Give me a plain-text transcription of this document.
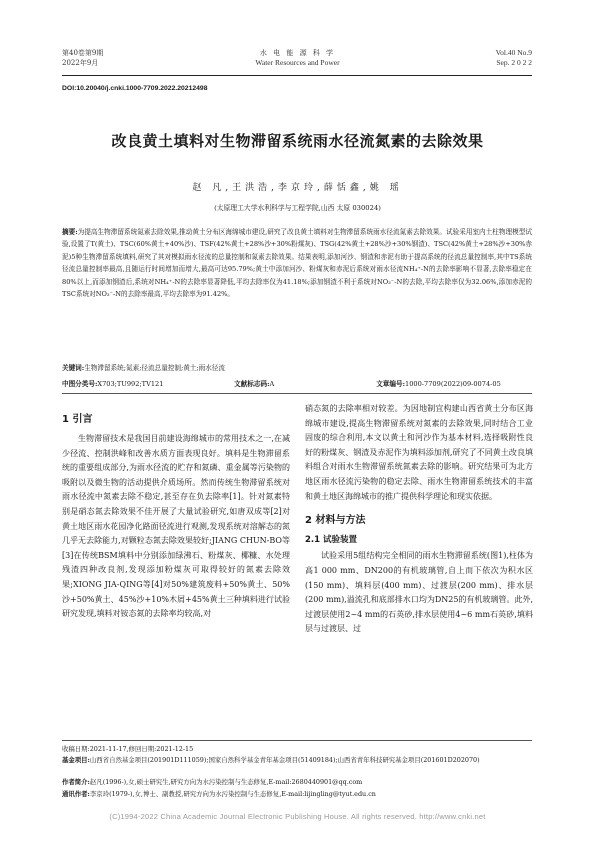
第40卷第9期
2022年9月
水 电 能 源 科 学
Water Resources and Power
Vol.40 No.9
Sep. 2 0 2 2
DOI:10.20040/j.cnki.1000-7709.2022.20212498
改良黄土填料对生物滞留系统雨水径流氮素的去除效果
赵 凡,王洪浩,李京玲,薛恬鑫,姚 瑶
(太原理工大学水利科学与工程学院,山西 太原 030024)
摘要:为提高生物滞留系统氮素去除效果,推动黄土分布区海绵城市建设,研究了改良黄土填料对生物滞留系统雨水径流氮素去除效果。试验采用室内土柱物理模型试验,设置了T(黄土)、TSC(60%黄土+40%沙)、TSF(42%黄土+28%沙+30%粉煤灰)、TSG(42%黄土+28%沙+30%钢渣)、TSC(42%黄土+28%沙+30%赤泥)5种生物滞留系统填料,研究了其对模拟雨水径流的总量控制和氮素去除效果。结果表明,添加河沙、钢渣和赤泥有助于提高系统的径流总量控制率,其中TS系统径流总量控制率最高,且随运行时间增加而增大,最高可达95.79%;黄土中添加河沙、粉煤灰和赤泥后系统对雨水径流NH₄⁺-N的去除率影响不显著,去除率稳定在80%以上,而添加钢渣后,系统对NH₄⁺-N的去除率显著降低,平均去除率仅为41.18%;添加钢渣不利于系统对NO₃⁻-N的去除,平均去除率仅为32.06%,添加赤泥的TSC系统对NO₃⁻-N的去除率最高,平均去除率为91.42%。
关键词:生物滞留系统;氮素;径流总量控制;黄土;雨水径流
中图分类号:X703;TU992;TV121	文献标志码:A	文章编号:1000-7709(2022)09-0074-05
1 引言

生物滞留技术是我国目前建设海绵城市的常用技术之一,在减少径流、控制洪峰和改善水质方面表现良好。填料是生物滞留系统的重要组成部分,为雨水径流的贮存和氮磷、重金属等污染物的吸附以及微生物的活动提供介质场所。然而传统生物滞留系统对雨水径流中氮素去除不稳定,甚至存在负去除率[1]。针对氮素特别是硝态氮去除效果不佳开展了大量试验研究,如唐双成等[2]对黄土地区雨水花园净化路面径流进行观测,发现系统对溶解态的氮几乎无去除能力,对颗粒态氮去除效果较好;JIANG CHUN-BO等[3]在传统BSM填料中分别添加绿沸石、粉煤灰、椰糠、水处理残渣四种改良剂,发现添加粉煤灰可取得较好的氮素去除效果;XIONG JIA-QING等[4]对50%建筑废料+50%黄土、50%沙+50%黄土、45%沙+10%木屑+45%黄土三种填料进行试验研究发现,填料对铵态氮的去除率均较高,对

硝态氮的去除率相对较差。为因地制宜构建山西省黄土分布区海绵城市建设,提高生物滞留系统对氮素的去除效果,同时结合工业固废的综合利用,本文以黄土和河沙作为基本材料,选择吸附性良好的粉煤灰、钢渣及赤泥作为填料添加剂,研究了不同黄土改良填料组合对雨水生物滞留系统氮素去除的影响。研究结果可为北方地区雨水径流污染物的稳定去除、雨水生物滞留系统技术的丰富和黄土地区海绵城市的推广提供科学理论和现实依据。

2 材料与方法
2.1 试验装置

试验采用5组结构完全相同的雨水生物滞留系统(图1),柱体为高1 000 mm、DN200的有机玻璃管,自上而下依次为积水区(150 mm)、填料层(400 mm)、过渡层(200 mm)、排水层(200 mm),溢流孔和底部排水口均为DN25的有机玻璃管。此外,过渡层使用2~4 mm的石英砂,排水层使用4~6 mm石英砂,填料层与过渡层、过

收稿日期:2021-11-17,修回日期:2021-12-15
基金项目:山西省自然基金项目(201901D111059);国家自然科学基金青年基金项目(51409184);山西省青年科技研究基金项目(201601D202070)
作者简介:赵凡(1996-),女,硕士研究生,研究方向为水污染控制与生态修复,E-mail:2680440901@qq.com
通讯作者:李京玲(1979-),女,博士、副教授,研究方向为水污染控制与生态修复,E-mail:lijingling@tyut.edu.cn
(C)1994-2022 China Academic Journal Electronic Publishing House. All rights reserved. http://www.cnki.net
